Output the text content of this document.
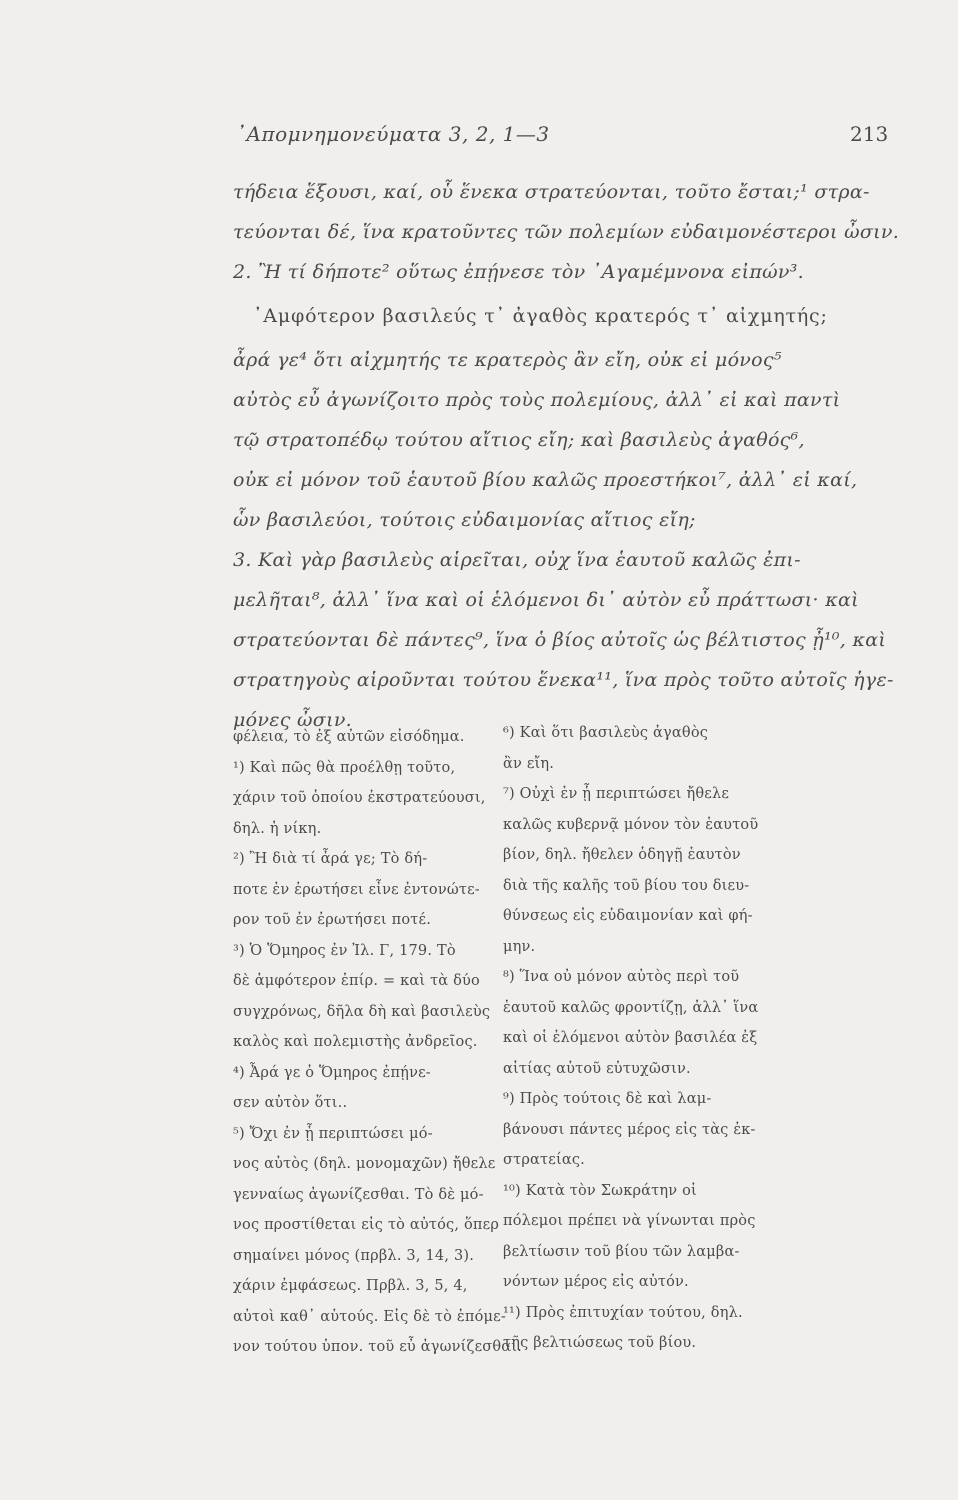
᾽Απομνημονεύματα 3, 2, 1—3	213
τήδεια ἕξουσι, καί, οὗ ἕνεκα στρατεύονται, τοῦτο ἔσται;¹ στρα-
τεύονται δέ, ἵνα κρατοῦντες τῶν πολεμίων εὐδαιμονέστεροι ὦσιν.
2. Ἢ τί δήποτε² οὕτως ἐπῄνεσε τὸν ᾽Αγαμέμνονα εἰπών³.
᾽Αμφότερον βασιλεύς τ᾽ ἀγαθὸς κρατερός τ᾽ αἰχμητής;
ἆρά γε⁴ ὅτι αἰχμητής τε κρατερὸς ἂν εἴη, οὐκ εἰ μόνος⁵
αὐτὸς εὖ ἀγωνίζοιτο πρὸς τοὺς πολεμίους, ἀλλ᾽ εἰ καὶ παντὶ
τῷ στρατοπέδῳ τούτου αἴτιος εἴη; καὶ βασιλεὺς ἀγαθός⁶,
οὐκ εἰ μόνον τοῦ ἑαυτοῦ βίου καλῶς προεστήκοι⁷, ἀλλ᾽ εἰ καί,
ὧν βασιλεύοι, τούτοις εὐδαιμονίας αἴτιος εἴη;
3. Καὶ γὰρ βασιλεὺς αἱρεῖται, οὐχ ἵνα ἑαυτοῦ καλῶς ἐπι-
μελῆται⁸, ἀλλ᾽ ἵνα καὶ οἱ ἑλόμενοι δι᾽ αὐτὸν εὖ πράττωσι· καὶ
στρατεύονται δὲ πάντες⁹, ἵνα ὁ βίος αὐτοῖς ὡς βέλτιστος ᾖ¹⁰, καὶ
στρατηγοὺς αἱροῦνται τούτου ἕνεκα¹¹, ἵνα πρὸς τοῦτο αὐτοῖς ἡγε-
μόνες ὦσιν.
φέλεια, τὸ ἐξ αὐτῶν εἰσόδημα.
¹) Καὶ πῶς θὰ προέλθῃ τοῦτο,
χάριν τοῦ ὁποίου ἐκστρατεύουσι,
δηλ. ἡ νίκη.
²) Ἢ διὰ τί ἆρά γε; Τὸ δή-
ποτε ἐν ἐρωτήσει εἶνε ἐντονώτε-
ρον τοῦ ἐν ἐρωτήσει ποτέ.
³) Ὁ Ὅμηρος ἐν Ἰλ. Γ, 179. Τὸ
δὲ ἀμφότερον ἐπίρ. = καὶ τὰ δύο
συγχρόνως, δῆλα δὴ καὶ βασιλεὺς
καλὸς καὶ πολεμιστὴς ἀνδρεῖος.
⁴) Ἆρά γε ὁ Ὅμηρος ἐπῄνε-
σεν αὐτὸν ὅτι..
⁵) Ὄχι ἐν ᾗ περιπτώσει μό-
νος αὐτὸς (δηλ. μονομαχῶν) ἤθελε
γενναίως ἀγωνίζεσθαι. Τὸ δὲ μό-
νος προστίθεται εἰς τὸ αὐτός, ὅπερ
σημαίνει μόνος (πρβλ. 3, 14, 3).
χάριν ἐμφάσεως. Πρβλ. 3, 5, 4,
αὐτοὶ καθ᾽ αὑτούς. Εἰς δὲ τὸ ἑπόμε-
νον τούτου ὑπον. τοῦ εὖ ἀγωνίζεσθαι.
⁶) Καὶ ὅτι βασιλεὺς ἀγαθὸς
ἂν εἴη.
⁷) Οὐχὶ ἐν ᾗ περιπτώσει ἤθελε
καλῶς κυβερνᾷ μόνον τὸν ἑαυτοῦ
βίον, δηλ. ἤθελεν ὁδηγῇ ἑαυτὸν
διὰ τῆς καλῆς τοῦ βίου του διευ-
θύνσεως εἰς εὐδαιμονίαν καὶ φή-
μην.
⁸) Ἵνα οὐ μόνον αὐτὸς περὶ τοῦ
ἑαυτοῦ καλῶς φροντίζῃ, ἀλλ᾽ ἵνα
καὶ οἱ ἑλόμενοι αὐτὸν βασιλέα ἐξ
αἰτίας αὐτοῦ εὐτυχῶσιν.
⁹) Πρὸς τούτοις δὲ καὶ λαμ-
βάνουσι πάντες μέρος εἰς τὰς ἐκ-
στρατείας.
¹⁰) Κατὰ τὸν Σωκράτην οἱ
πόλεμοι πρέπει νὰ γίνωνται πρὸς
βελτίωσιν τοῦ βίου τῶν λαμβα-
νόντων μέρος εἰς αὐτόν.
¹¹) Πρὸς ἐπιτυχίαν τούτου, δηλ.
τῆς βελτιώσεως τοῦ βίου.
